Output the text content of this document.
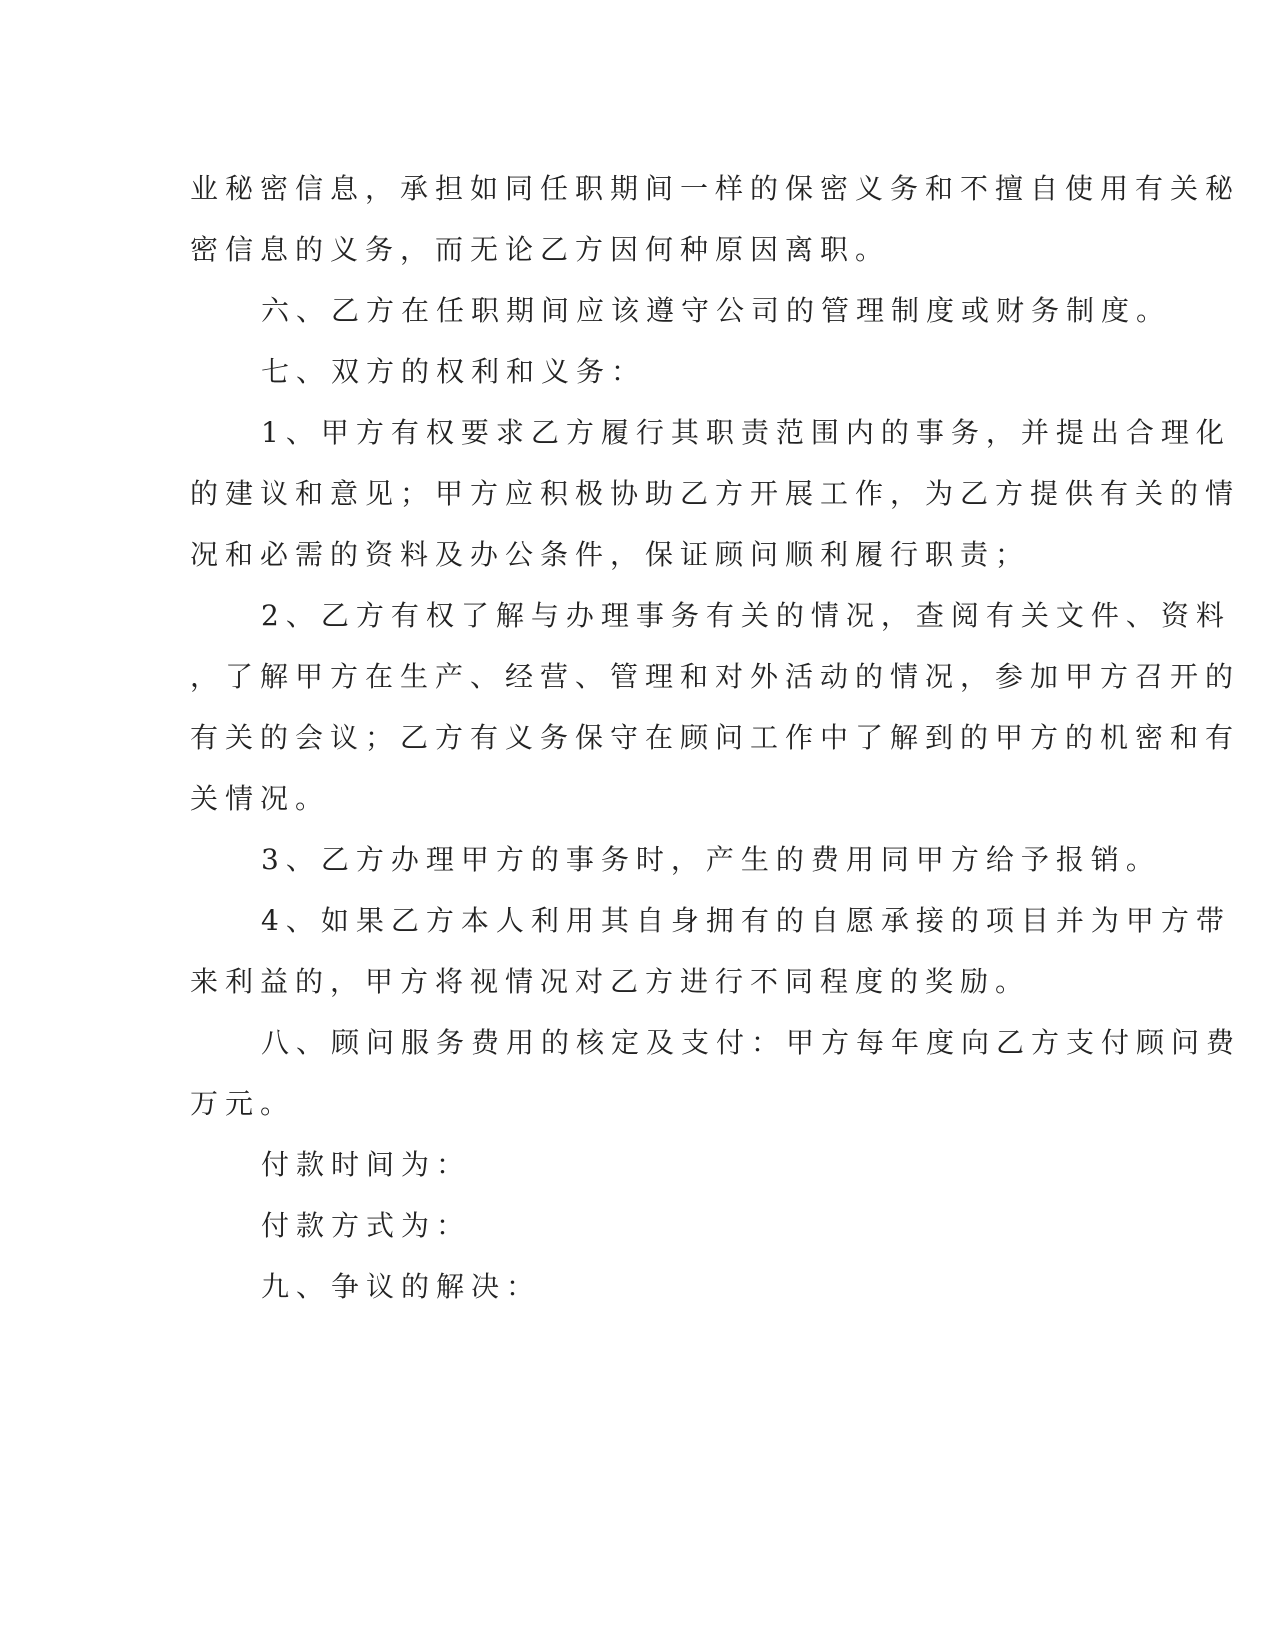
业秘密信息，承担如同任职期间一样的保密义务和不擅自使用有关秘

密信息的义务，而无论乙方因何种原因离职。

六、乙方在任职期间应该遵守公司的管理制度或财务制度。

七、双方的权利和义务：

1、甲方有权要求乙方履行其职责范围内的事务，并提出合理化

的建议和意见；甲方应积极协助乙方开展工作，为乙方提供有关的情

况和必需的资料及办公条件，保证顾问顺利履行职责；

2、乙方有权了解与办理事务有关的情况，查阅有关文件、资料

，了解甲方在生产、经营、管理和对外活动的情况，参加甲方召开的

有关的会议；乙方有义务保守在顾问工作中了解到的甲方的机密和有

关情况。

3、乙方办理甲方的事务时，产生的费用同甲方给予报销。

4、如果乙方本人利用其自身拥有的自愿承接的项目并为甲方带

来利益的，甲方将视情况对乙方进行不同程度的奖励。

八、顾问服务费用的核定及支付：甲方每年度向乙方支付顾问费

万元。

付款时间为：

付款方式为：

九、争议的解决：
